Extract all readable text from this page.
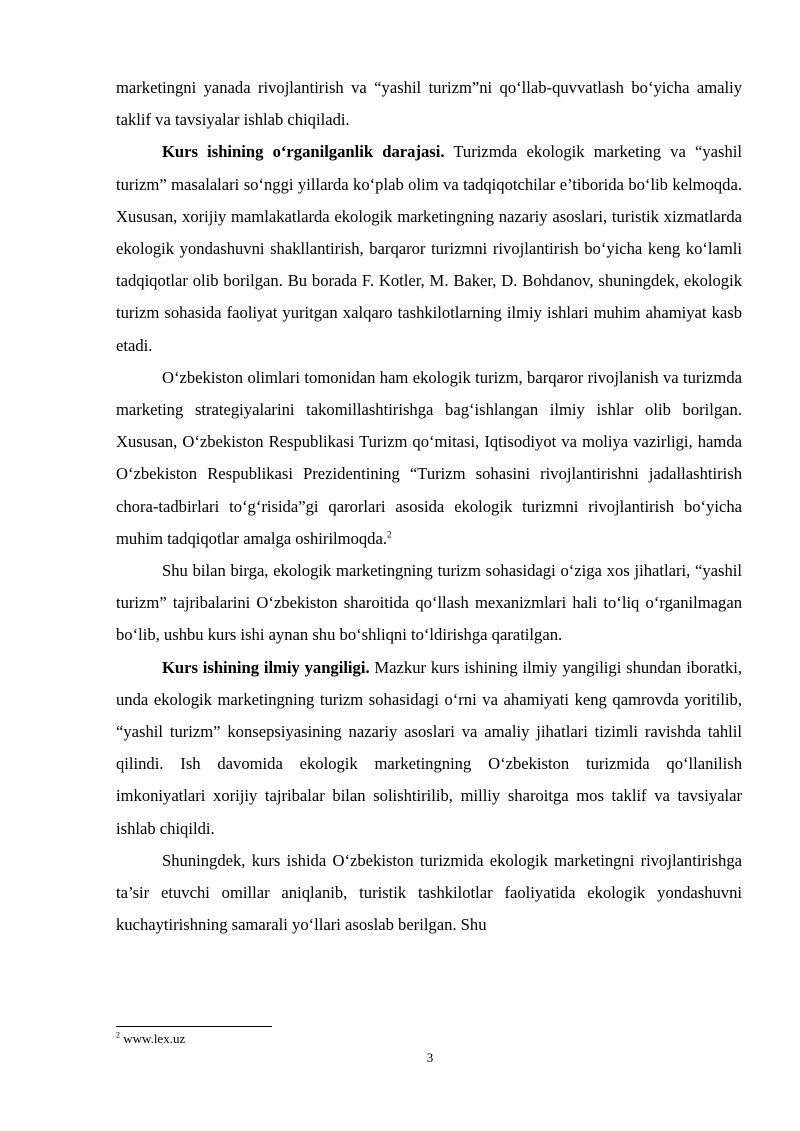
marketingni yanada rivojlantirish va “yashil turizm”ni qo‘llab-quvvatlash bo‘yicha amaliy taklif va tavsiyalar ishlab chiqiladi.

Kurs ishining o‘rganilganlik darajasi. Turizmda ekologik marketing va “yashil turizm” masalalari so‘nggi yillarda ko‘plab olim va tadqiqotchilar e’tiborida bo‘lib kelmoqda. Xususan, xorijiy mamlakatlarda ekologik marketingning nazariy asoslari, turistik xizmatlarda ekologik yondashuvni shakllantirish, barqaror turizmni rivojlantirish bo‘yicha keng ko‘lamli tadqiqotlar olib borilgan. Bu borada F. Kotler, M. Baker, D. Bohdanov, shuningdek, ekologik turizm sohasida faoliyat yuritgan xalqaro tashkilotlarning ilmiy ishlari muhim ahamiyat kasb etadi.

O‘zbekiston olimlari tomonidan ham ekologik turizm, barqaror rivojlanish va turizmda marketing strategiyalarini takomillashtirishga bag‘ishlangan ilmiy ishlar olib borilgan. Xususan, O‘zbekiston Respublikasi Turizm qo‘mitasi, Iqtisodiyot va moliya vazirligi, hamda O‘zbekiston Respublikasi Prezidentining “Turizm sohasini rivojlantirishni jadallashtirish chora-tadbirlari to‘g‘risida”gi qarorlari asosida ekologik turizmni rivojlantirish bo‘yicha muhim tadqiqotlar amalga oshirilmoqda.$^2$

Shu bilan birga, ekologik marketingning turizm sohasidagi o‘ziga xos jihatlari, “yashil turizm” tajribalarini O‘zbekiston sharoitida qo‘llash mexanizmlari hali to‘liq o‘rganilmagan bo‘lib, ushbu kurs ishi aynan shu bo‘shliqni to‘ldirishga qaratilgan.

Kurs ishining ilmiy yangiligi. Mazkur kurs ishining ilmiy yangiligi shundan iboratki, unda ekologik marketingning turizm sohasidagi o‘rni va ahamiyati keng qamrovda yoritilib, “yashil turizm” konsepsiyasining nazariy asoslari va amaliy jihatlari tizimli ravishda tahlil qilindi. Ish davomida ekologik marketingning O‘zbekiston turizmida qo‘llanilish imkoniyatlari xorijiy tajribalar bilan solishtirilib, milliy sharoitga mos taklif va tavsiyalar ishlab chiqildi.

Shuningdek, kurs ishida O‘zbekiston turizmida ekologik marketingni rivojlantirishga ta’sir etuvchi omillar aniqlanib, turistik tashkilotlar faoliyatida ekologik yondashuvni kuchaytirishning samarali yo‘llari asoslab berilgan. Shu

$^2$ www.lex.uz
3
